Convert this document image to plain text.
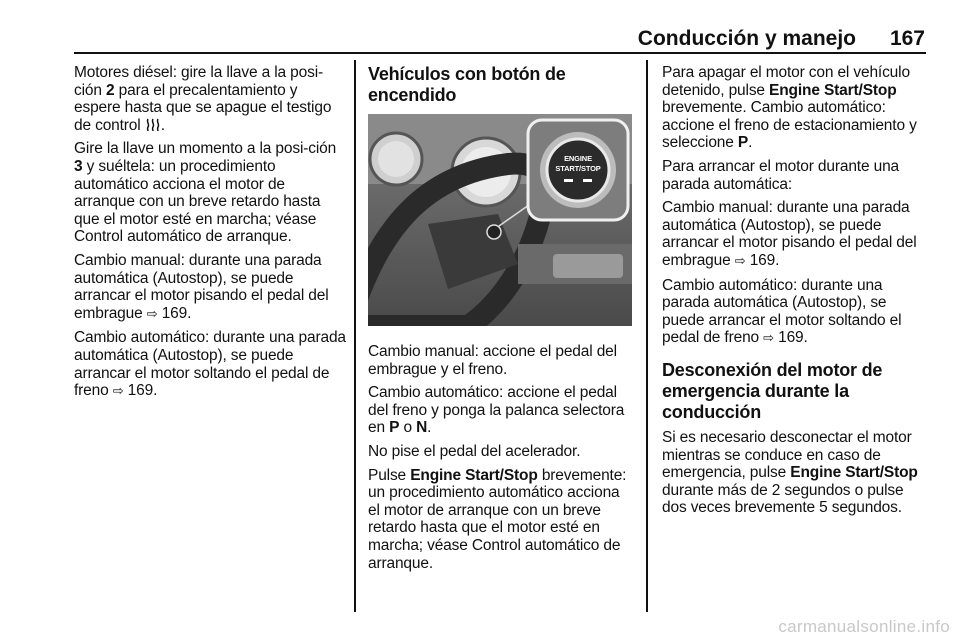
Conducción y manejo	167

Motores diésel: gire la llave a la posi-ción 2 para el precalentamiento y espere hasta que se apague el testigo de control .

Gire la llave un momento a la posi-ción 3 y suéltela: un procedimiento automático acciona el motor de arranque con un breve retardo hasta que el motor esté en marcha; véase Control automático de arranque.

Cambio manual: durante una parada automática (Autostop), se puede arrancar el motor pisando el pedal del embrague ⇨ 169.

Cambio automático: durante una parada automática (Autostop), se puede arrancar el motor soltando el pedal de freno ⇨ 169.

Vehículos con botón de encendido
ENGINE
START/STOP

Cambio manual: accione el pedal del embrague y el freno.

Cambio automático: accione el pedal del freno y ponga la palanca selectora en P o N.

No pise el pedal del acelerador.

Pulse Engine Start/Stop brevemente: un procedimiento automático acciona el motor de arranque con un breve retardo hasta que el motor esté en marcha; véase Control automático de arranque.

Para apagar el motor con el vehículo detenido, pulse Engine Start/Stop brevemente. Cambio automático: accione el freno de estacionamiento y seleccione P.

Para arrancar el motor durante una parada automática:

Cambio manual: durante una parada automática (Autostop), se puede arrancar el motor pisando el pedal del embrague ⇨ 169.

Cambio automático: durante una parada automática (Autostop), se puede arrancar el motor soltando el pedal de freno ⇨ 169.

Desconexión del motor de emergencia durante la conducción

Si es necesario desconectar el motor mientras se conduce en caso de emergencia, pulse Engine Start/Stop durante más de 2 segundos o pulse dos veces brevemente 5 segundos.

carmanualsonline.info
